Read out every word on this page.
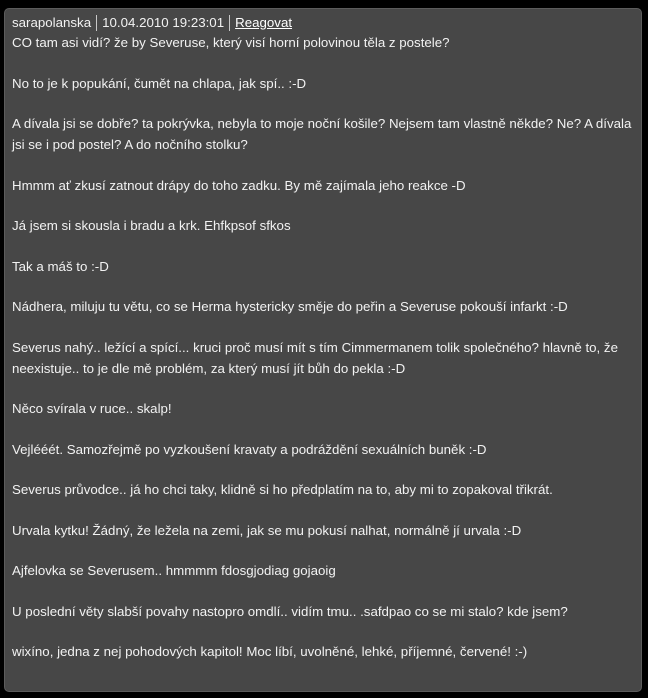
sarapolanska 10.04.2010 19:23:01 Reagovat

CO tam asi vidí? že by Severuse, který visí horní polovinou těla z postele?

No to je k popukání, čumět na chlapa, jak spí.. :-D

A dívala jsi se dobře? ta pokrývka, nebyla to moje noční košile? Nejsem tam vlastně někde? Ne? A dívala jsi se i pod postel? A do nočního stolku?

Hmmm ať zkusí zatnout drápy do toho zadku. By mě zajímala jeho reakce -D

Já jsem si skousla i bradu a krk. Ehfkpsof sfkos

Tak a máš to :-D

Nádhera, miluju tu větu, co se Herma hystericky směje do peřin a Severuse pokouší infarkt :-D

Severus nahý.. ležící a spící... kruci proč musí mít s tím Cimmermanem tolik společného? hlavně to, že neexistuje.. to je dle mě problém, za který musí jít bůh do pekla :-D

Něco svírala v ruce.. skalp!

Vejlééét. Samozřejmě po vyzkoušení kravaty a podráždění sexuálních buněk :-D

Severus průvodce.. já ho chci taky, klidně si ho předplatím na to, aby mi to zopakoval třikrát.

Urvala kytku! Žádný, že ležela na zemi, jak se mu pokusí nalhat, normálně jí urvala :-D

Ajfelovka se Severusem.. hmmmm fdosgjodiag gojaoig

U poslední věty slabší povahy nastopro omdlí.. vidím tmu.. .safdpao co se mi stalo? kde jsem?

wixíno, jedna z nej pohodových kapitol! Moc líbí, uvolněné, lehké, příjemné, červené! :-)
